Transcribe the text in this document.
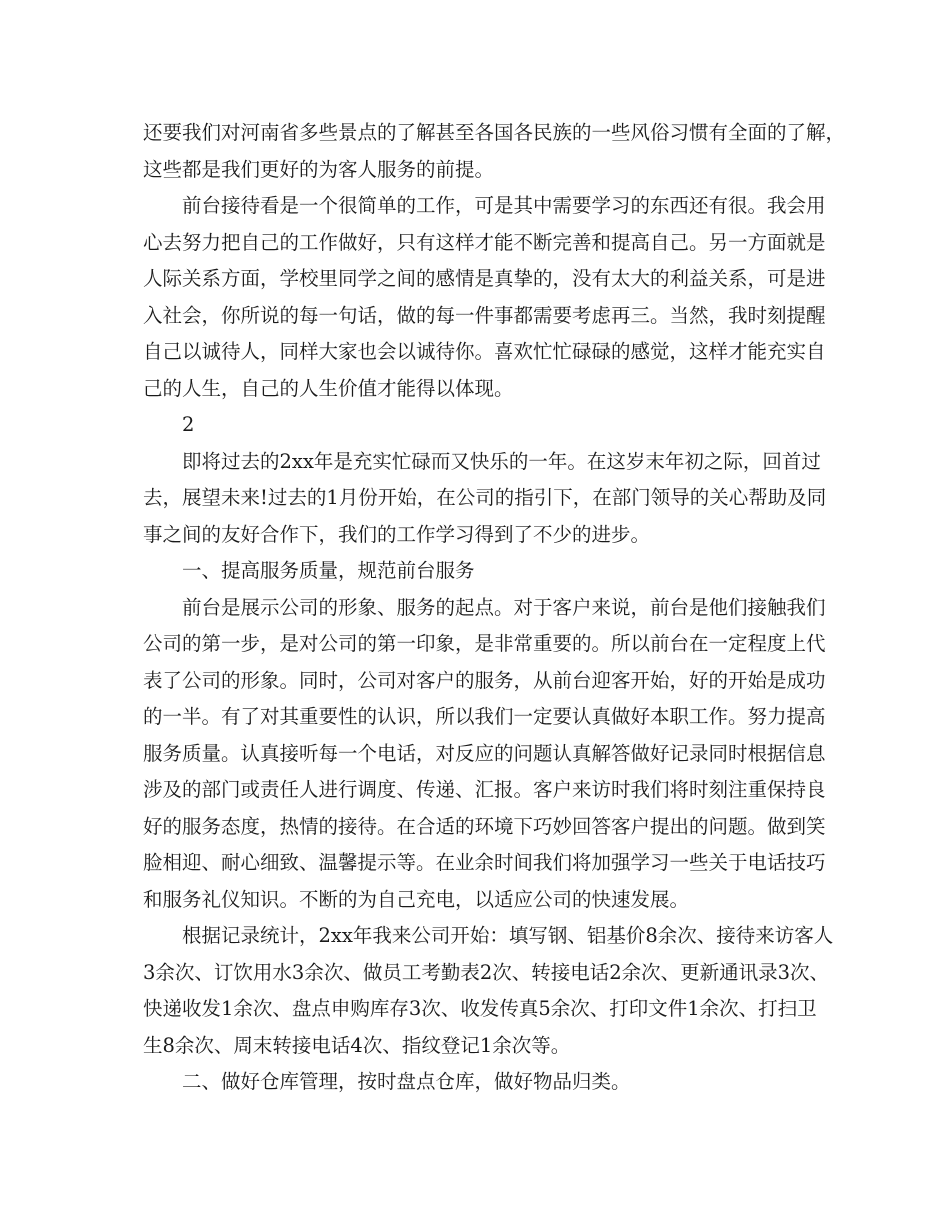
还要我们对河南省多些景点的了解甚至各国各民族的一些风俗习惯有全面的了解，
这些都是我们更好的为客人服务的前提。

前台接待看是一个很简单的工作，可是其中需要学习的东西还有很。我会用
心去努力把自己的工作做好，只有这样才能不断完善和提高自己。另一方面就是
人际关系方面，学校里同学之间的感情是真挚的，没有太大的利益关系，可是进
入社会，你所说的每一句话，做的每一件事都需要考虑再三。当然，我时刻提醒
自己以诚待人，同样大家也会以诚待你。喜欢忙忙碌碌的感觉，这样才能充实自
己的人生，自己的人生价值才能得以体现。

2

即将过去的2xx年是充实忙碌而又快乐的一年。在这岁末年初之际，回首过
去，展望未来!过去的1月份开始，在公司的指引下，在部门领导的关心帮助及同
事之间的友好合作下，我们的工作学习得到了不少的进步。

一、提高服务质量，规范前台服务

前台是展示公司的形象、服务的起点。对于客户来说，前台是他们接触我们
公司的第一步，是对公司的第一印象，是非常重要的。所以前台在一定程度上代
表了公司的形象。同时，公司对客户的服务，从前台迎客开始，好的开始是成功
的一半。有了对其重要性的认识，所以我们一定要认真做好本职工作。努力提高
服务质量。认真接听每一个电话，对反应的问题认真解答做好记录同时根据信息
涉及的部门或责任人进行调度、传递、汇报。客户来访时我们将时刻注重保持良
好的服务态度，热情的接待。在合适的环境下巧妙回答客户提出的问题。做到笑
脸相迎、耐心细致、温馨提示等。在业余时间我们将加强学习一些关于电话技巧
和服务礼仪知识。不断的为自己充电，以适应公司的快速发展。

根据记录统计，2xx年我来公司开始：填写钢、铝基价8余次、接待来访客人
3余次、订饮用水3余次、做员工考勤表2次、转接电话2余次、更新通讯录3次、
快递收发1余次、盘点申购库存3次、收发传真5余次、打印文件1余次、打扫卫
生8余次、周末转接电话4次、指纹登记1余次等。

二、做好仓库管理，按时盘点仓库，做好物品归类。
